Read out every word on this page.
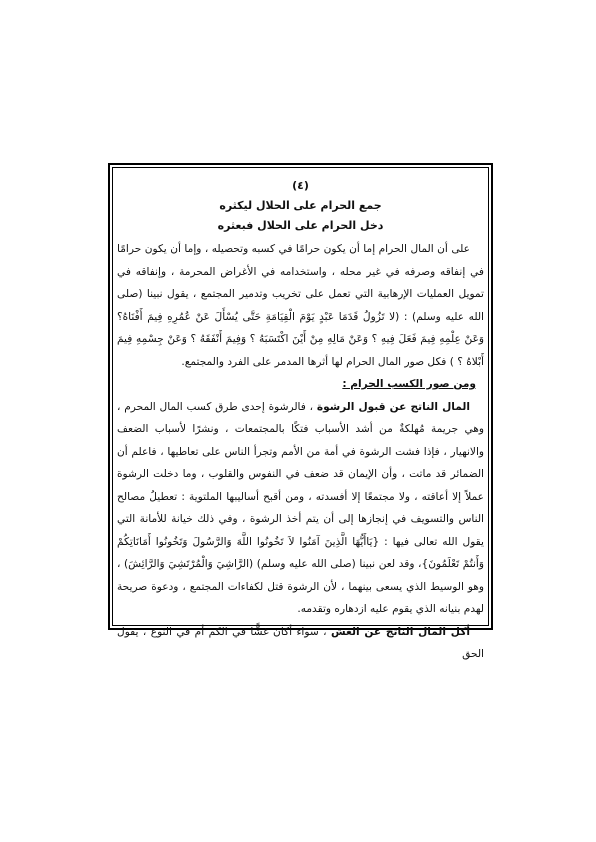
(٤)
جمع الحرام على الحلال ليكثره
دخل الحرام على الحلال فبعثره

على أن المال الحرام إما أن يكون حرامًا في كسبه وتحصيله ، وإما أن يكون حرامًا في إنفاقه وصرفه في غير محله ، واستخدامه في الأغراض المحرمة ، وإنفاقه في تمويل العمليات الإرهابية التي تعمل على تخريب وتدمير المجتمع ، يقول نبينا (صلى الله عليه وسلم) : (لا تَزُولُ قَدَمَا عَبْدٍ يَوْمَ الْقِيَامَةِ حَتَّى يُسْأَلَ عَنْ عُمُرِهِ فِيمَ أَفْنَاهُ؟ وَعَنْ عِلْمِهِ فِيمَ فَعَلَ فِيهِ ؟ وَعَنْ مَالِهِ مِنْ أَيْنَ اكْتَسَبَهُ ؟ وَفِيمَ أَنْفَقَهُ ؟ وَعَنْ جِسْمِهِ فِيمَ أَبْلاهُ ؟ ) فكل صور المال الحرام لها أثرها المدمر على الفرد والمجتمع.

ومن صور الكسب الحرام :

المال الناتج عن قبول الرشوة ، فالرشوة إحدى طرق كسب المال المحرم ، وهي جريمة مُهلكةٌ من أشد الأسباب فتكًا بالمجتمعات ، ونشرًا لأسباب الضعف والانهيار ، فإذا فشت الرشوة في أمة من الأمم وتجرأ الناس على تعاطيها ، فاعلم أن الضمائر قد ماتت ، وأن الإيمان قد ضعف في النفوس والقلوب ، وما دخلت الرشوة عملاً إلا أعاقته ، ولا مجتمعًا إلا أفسدته ، ومن أقبح أساليبها الملتوية : تعطيلُ مصالح الناس والتسويف في إنجازها إلى أن يتم أخذ الرشوة ، وفي ذلك خيانة للأمانة التي يقول الله تعالى فيها : {يَاأَيُّهَا الَّذِينَ آمَنُوا لاَ تَخُونُوا اللَّهَ وَالرَّسُولَ وَتَخُونُوا أَمَانَاتِكُمْ وَأَنتُمْ تَعْلَمُونَ}، وقد لعن نبينا (صلى الله عليه وسلم) (الرَّاشِيَ وَالْمُرْتَشِيَ وَالرَّائِشَ) ، وهو الوسيط الذي يسعى بينهما ، لأن الرشوة قتل لكفاءات المجتمع ، ودعوة صريحة لهدم بنيانه الذي يقوم عليه ازدهاره وتقدمه.

أكل المال الناتج عن الغش ، سواء أكان غشًّا في الكم أم في النوع ، يقول الحق
